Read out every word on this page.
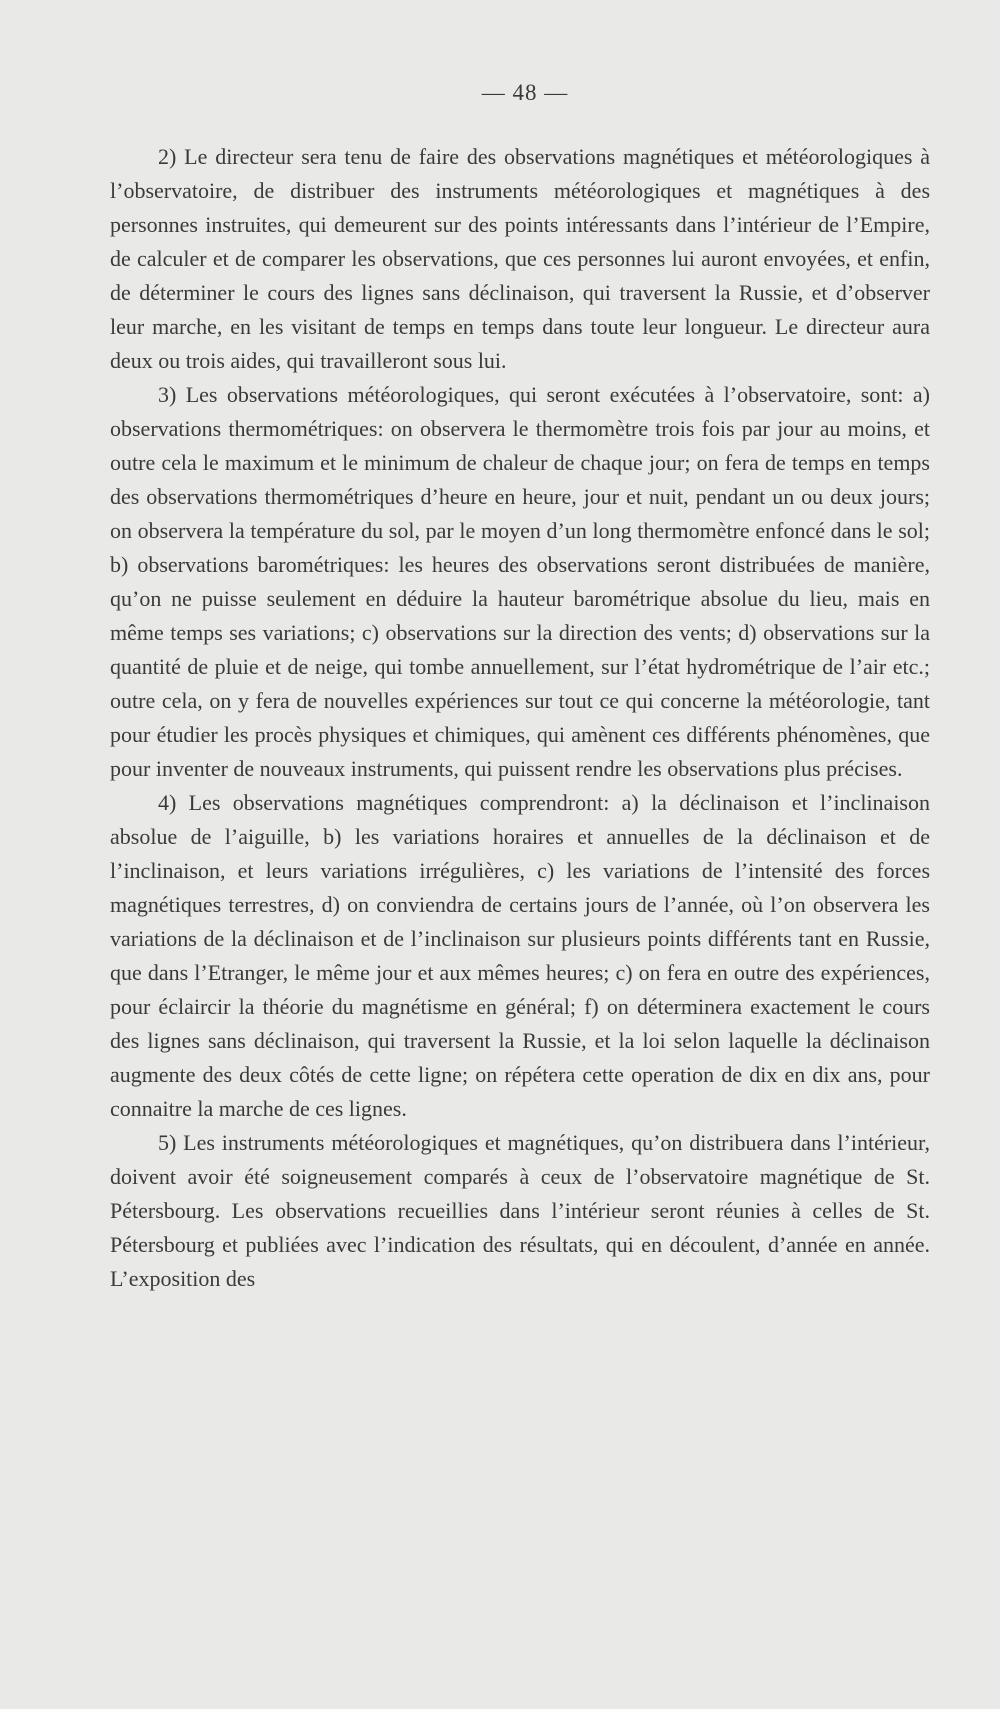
— 48 —

2) Le directeur sera tenu de faire des observations magnétiques et météorologiques à l’observatoire, de distribuer des instruments météorologiques et magnétiques à des personnes instruites, qui demeurent sur des points intéressants dans l’intérieur de l’Empire, de calculer et de comparer les observations, que ces personnes lui auront envoyées, et enfin, de déterminer le cours des lignes sans déclinaison, qui traversent la Russie, et d’observer leur marche, en les visitant de temps en temps dans toute leur longueur. Le directeur aura deux ou trois aides, qui travailleront sous lui.

3) Les observations météorologiques, qui seront exécutées à l’observatoire, sont: a) observations thermométriques: on observera le thermomètre trois fois par jour au moins, et outre cela le maximum et le minimum de chaleur de chaque jour; on fera de temps en temps des observations thermométriques d’heure en heure, jour et nuit, pendant un ou deux jours; on observera la température du sol, par le moyen d’un long thermomètre enfoncé dans le sol; b) observations barométriques: les heures des observations seront distribuées de manière, qu’on ne puisse seulement en déduire la hauteur barométrique absolue du lieu, mais en même temps ses variations; c) observations sur la direction des vents; d) observations sur la quantité de pluie et de neige, qui tombe annuellement, sur l’état hydrométrique de l’air etc.; outre cela, on y fera de nouvelles expériences sur tout ce qui concerne la météorologie, tant pour étudier les procès physiques et chimiques, qui amènent ces différents phénomènes, que pour inventer de nouveaux instruments, qui puissent rendre les observations plus précises.

4) Les observations magnétiques comprendront: a) la déclinaison et l’inclinaison absolue de l’aiguille, b) les variations horaires et annuelles de la déclinaison et de l’inclinaison, et leurs variations irrégulières, c) les variations de l’intensité des forces magnétiques terrestres, d) on conviendra de certains jours de l’année, où l’on observera les variations de la déclinaison et de l’inclinaison sur plusieurs points différents tant en Russie, que dans l’Etranger, le même jour et aux mêmes heures; c) on fera en outre des expériences, pour éclaircir la théorie du magnétisme en général; f) on déterminera exactement le cours des lignes sans déclinaison, qui traversent la Russie, et la loi selon laquelle la déclinaison augmente des deux côtés de cette ligne; on répétera cette operation de dix en dix ans, pour connaitre la marche de ces lignes.

5) Les instruments météorologiques et magnétiques, qu’on distribuera dans l’intérieur, doivent avoir été soigneusement comparés à ceux de l’observatoire magnétique de St. Pétersbourg. Les observations recueillies dans l’intérieur seront réunies à celles de St. Pétersbourg et publiées avec l’indication des résultats, qui en découlent, d’année en année. L’exposition des
